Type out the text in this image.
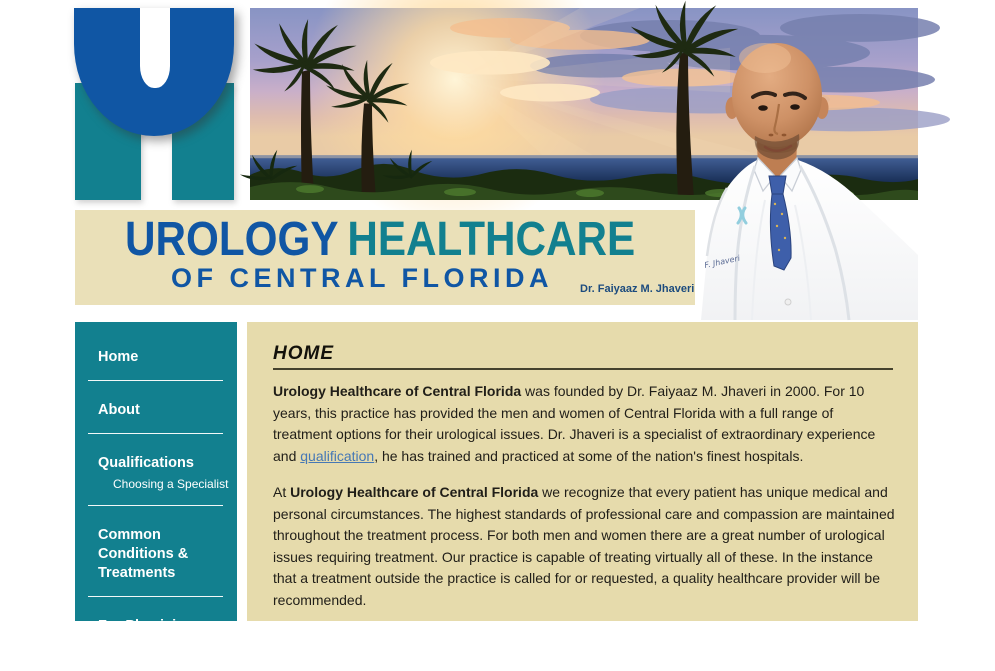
UROLOGY HEALTHCARE
OF CENTRAL FLORIDA Dr. Faiyaaz M. Jhaveri
F. Jhaveri
Home
About
Qualifications
Choosing a Specialist
Common Conditions & Treatments
For Physicians
Updates for Physicians
HOME

Urology Healthcare of Central Florida was founded by Dr. Faiyaaz M. Jhaveri in 2000. For 10 years, this practice has provided the men and women of Central Florida with a full range of treatment options for their urological issues. Dr. Jhaveri is a specialist of extraordinary experience and qualification, he has trained and practiced at some of the nation's finest hospitals.

At Urology Healthcare of Central Florida we recognize that every patient has unique medical and personal circumstances. The highest standards of professional care and compassion are maintained throughout the treatment process. For both men and women there are a great number of urological issues requiring treatment. Our practice is capable of treating virtually all of these. In the instance that a treatment outside the practice is called for or requested, a quality healthcare provider will be recommended.
